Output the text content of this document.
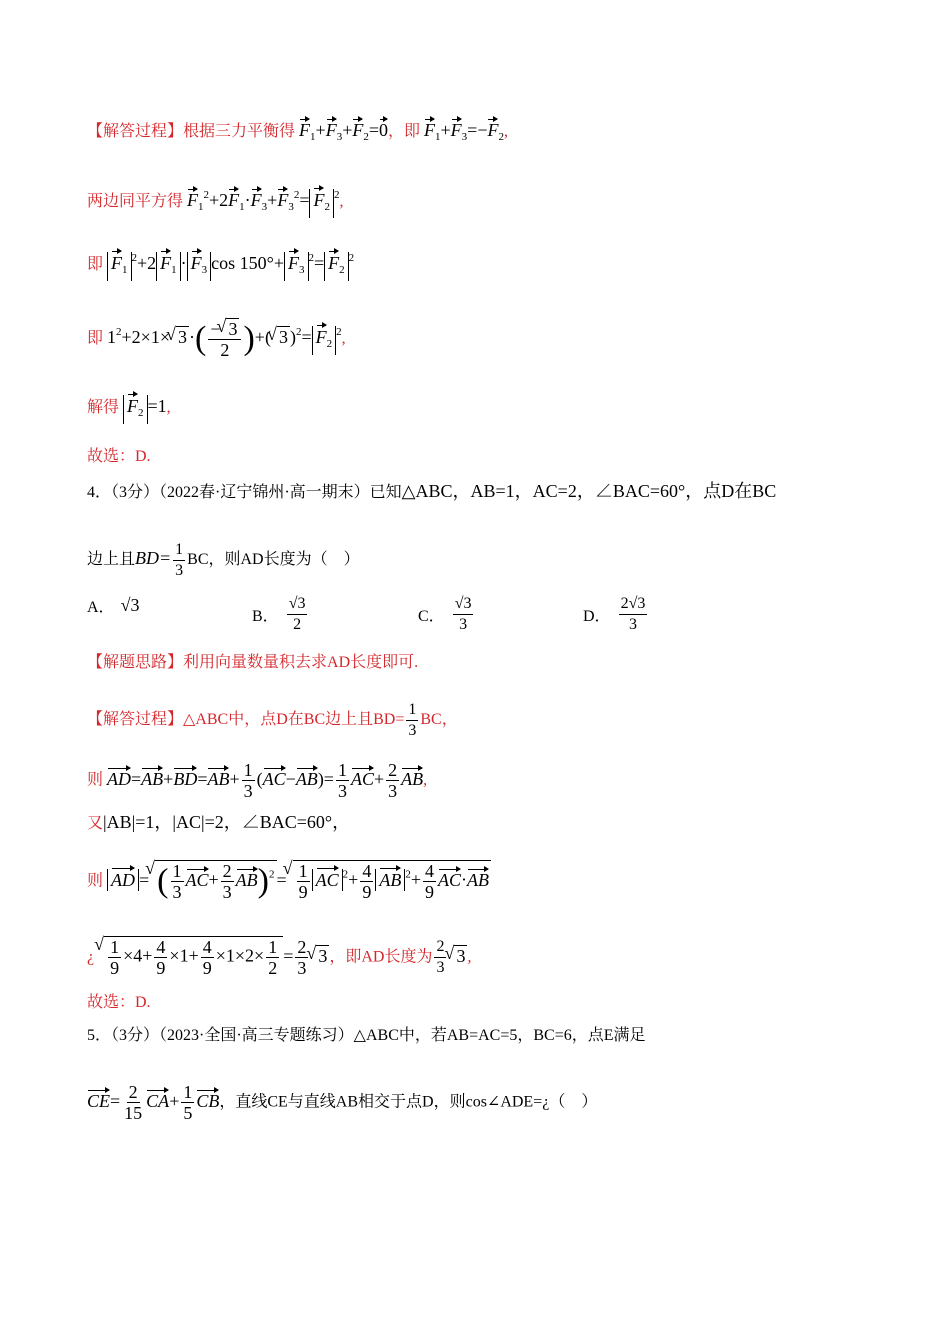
【解答过程】根据三力平衡得 $F_1+F_3+F_2=0$，即 $F_1+F_3=-F_2$,
两边同平方得 $F_1^2+2F_1\cdot F_3+F_3^2= F_2^2$,
即 $F_1^2+2$ $F_1 \cdot F_3$ $\cos 150^\circ+ F_3^2= F_2^2$
即 $1^2+2\times 1\times√$ 3 ·( $\frac{-√ 3}{2}$ )+(√ 3 )$^2= F_2^2$,
解得 $F_2 =1$,
故选：D.
4．（3分）（2022春·辽宁锦州·高一期末）已知△ABC，AB=1，AC=2，∠BAC=60°，点D在BC
边上且$BD= \frac{1}{3}$ BC，则AD长度为（　）
A． √3
B． $\frac{√3}{2}$	C． $\frac{√3}{3}$	D． $\frac{2√3}{3}$
【解题思路】利用向量数量积去求AD长度即可.
【解答过程】△ABC中，点D在BC边上且$BD= \frac{1}{3}$ BC，
则 $AD=AB+BD=AB+ \frac{1}{3} (AC-AB)= \frac{1}{3} AC+ \frac{2}{3}$ AB,
又|AB|=1，|AC|=2，∠BAC=60°，
则 AD =√ ( $\frac{1}{3} AC+ \frac{2}{3} AB)^2$ =
√ $\frac{1}{9}$ AC $^2+ \frac{4}{9}$ AB $^2+ \frac{4}{9} AC\cdot AB$
¿
√ $\frac{1}{9} \times 4+ \frac{4}{9} \times 1+ \frac{4}{9} \times 1\times 2\times \frac{1}{2} = \frac{2}{3}$
√ 3 ，即AD长度为 $\frac{2}{3}$
√ 3 ,
故选：D.
5．（3分）（2023·全国·高三专题练习）△ABC中，若AB=AC=5，BC=6，点E满足
$CE= \frac{2}{15} CA+ \frac{1}{5}$ CB，直线CE与直线AB相交于点D，则cos∠ADE=¿（　）
